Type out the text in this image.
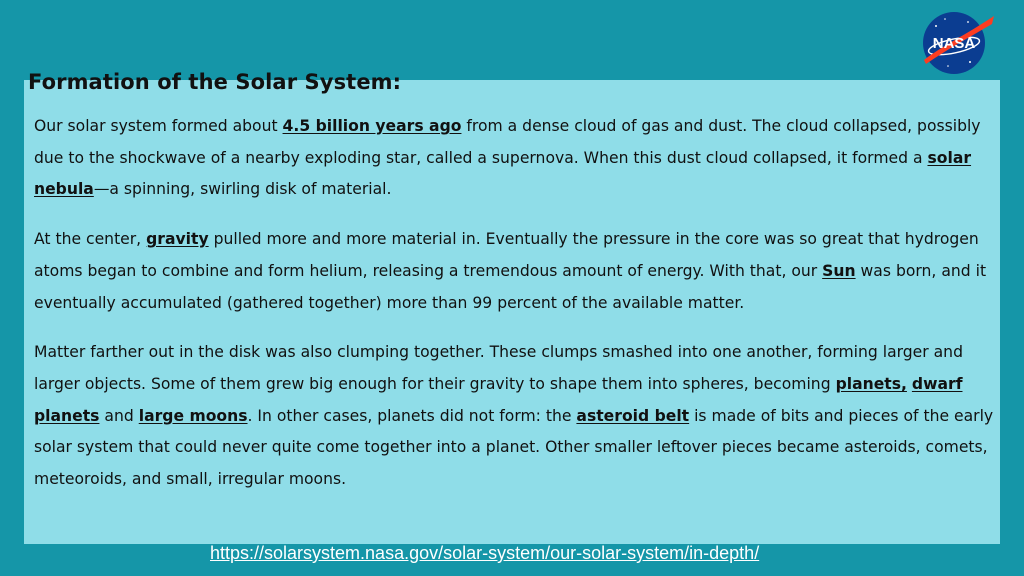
Formation of the Solar System:

Our solar system formed about 4.5 billion years ago from a dense cloud of gas and dust. The cloud collapsed, possibly due to the shockwave of a nearby exploding star, called a supernova. When this dust cloud collapsed, it formed a solar nebula—a spinning, swirling disk of material.

At the center, gravity pulled more and more material in. Eventually the pressure in the core was so great that hydrogen atoms began to combine and form helium, releasing a tremendous amount of energy. With that, our Sun was born, and it eventually accumulated (gathered together) more than 99 percent of the available matter.

Matter farther out in the disk was also clumping together. These clumps smashed into one another, forming larger and larger objects. Some of them grew big enough for their gravity to shape them into spheres, becoming planets, dwarf planets and large moons. In other cases, planets did not form: the asteroid belt is made of bits and pieces of the early solar system that could never quite come together into a planet. Other smaller leftover pieces became asteroids, comets, meteoroids, and small, irregular moons.

https://solarsystem.nasa.gov/solar-system/our-solar-system/in-depth/
NASA
